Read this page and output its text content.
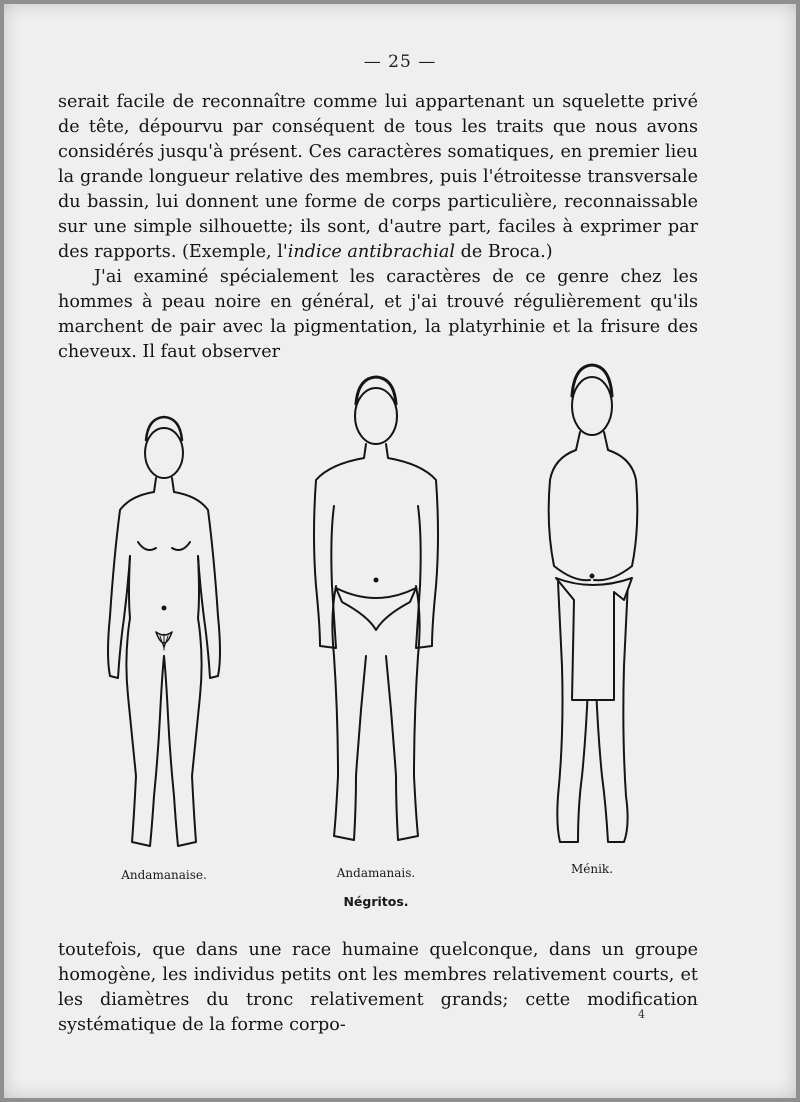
— 25 —

serait facile de reconnaître comme lui appartenant un squelette privé de tête, dépourvu par conséquent de tous les traits que nous avons considérés jusqu'à présent. Ces caractères somatiques, en premier lieu la grande longueur relative des membres, puis l'étroitesse transversale du bassin, lui donnent une forme de corps particulière, reconnaissable sur une simple silhouette; ils sont, d'autre part, faciles à exprimer par des rapports. (Exemple, l'indice antibrachial de Broca.)

J'ai examiné spécialement les caractères de ce genre chez les hommes à peau noire en général, et j'ai trouvé régulièrement qu'ils marchent de pair avec la pigmentation, la platyrhinie et la frisure des cheveux. Il faut observer

Andamanaise.	Andamanais.	Ménik.
Négritos.

toutefois, que dans une race humaine quelconque, dans un groupe homogène, les individus petits ont les membres relativement courts, et les diamètres du tronc relativement grands; cette modification systématique de la forme corpo-

4
